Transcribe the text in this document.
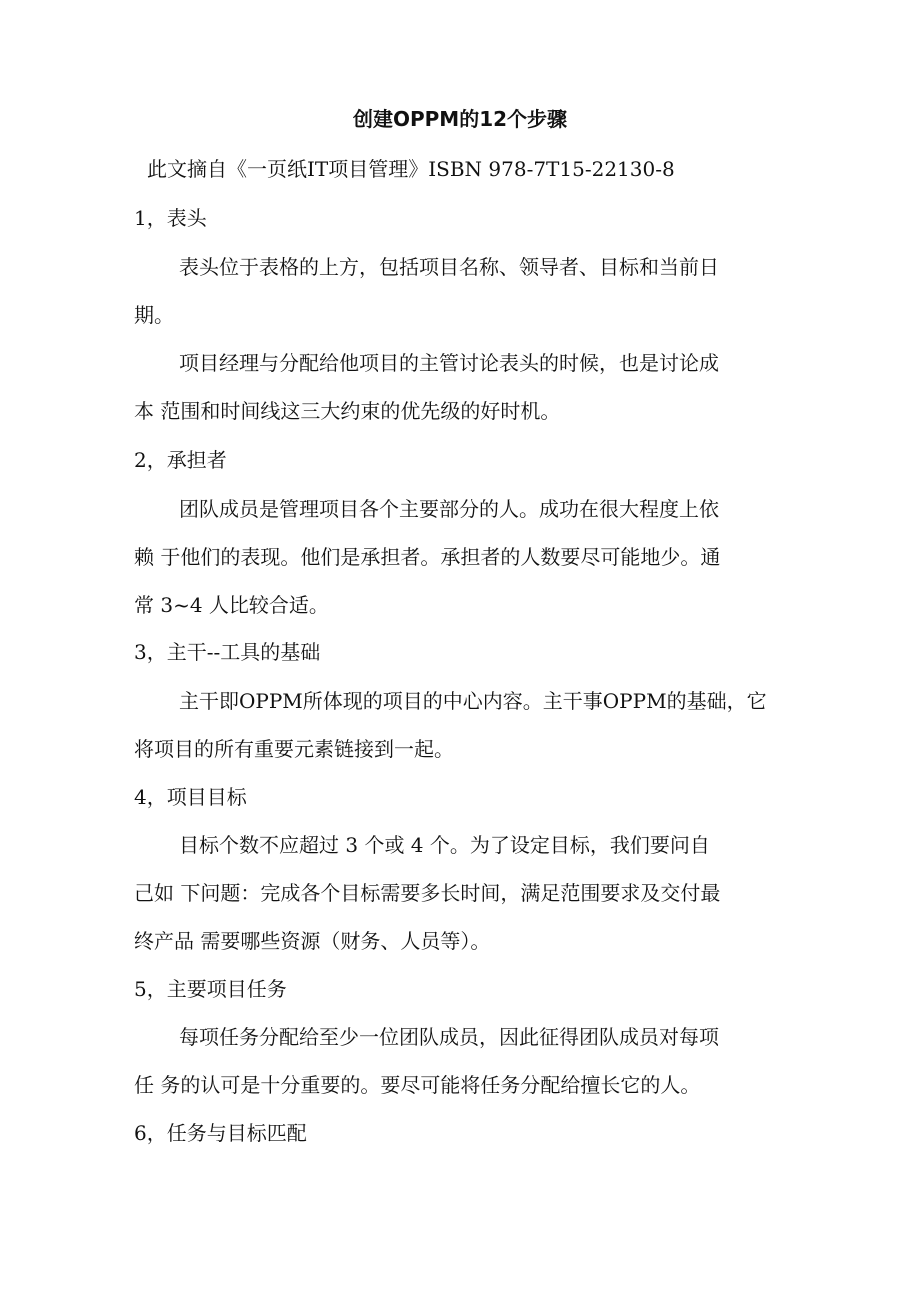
创建OPPM的12个步骤

此文摘自《一页纸IT项目管理》ISBN 978-7T15-22130-8

1，表头

表头位于表格的上方，包括项目名称、领导者、目标和当前日

期。

项目经理与分配给他项目的主管讨论表头的时候，也是讨论成

本 范围和时间线这三大约束的优先级的好时机。

2，承担者

团队成员是管理项目各个主要部分的人。成功在很大程度上依

赖 于他们的表现。他们是承担者。承担者的人数要尽可能地少。通

常 3~4 人比较合适。

3，主干--工具的基础

主干即OPPM所体现的项目的中心内容。主干事OPPM的基础，它

将项目的所有重要元素链接到一起。

4，项目目标

目标个数不应超过 3 个或 4 个。为了设定目标，我们要问自

己如 下问题：完成各个目标需要多长时间，满足范围要求及交付最

终产品 需要哪些资源（财务、人员等）。

5，主要项目任务

每项任务分配给至少一位团队成员，因此征得团队成员对每项

任 务的认可是十分重要的。要尽可能将任务分配给擅长它的人。

6，任务与目标匹配
